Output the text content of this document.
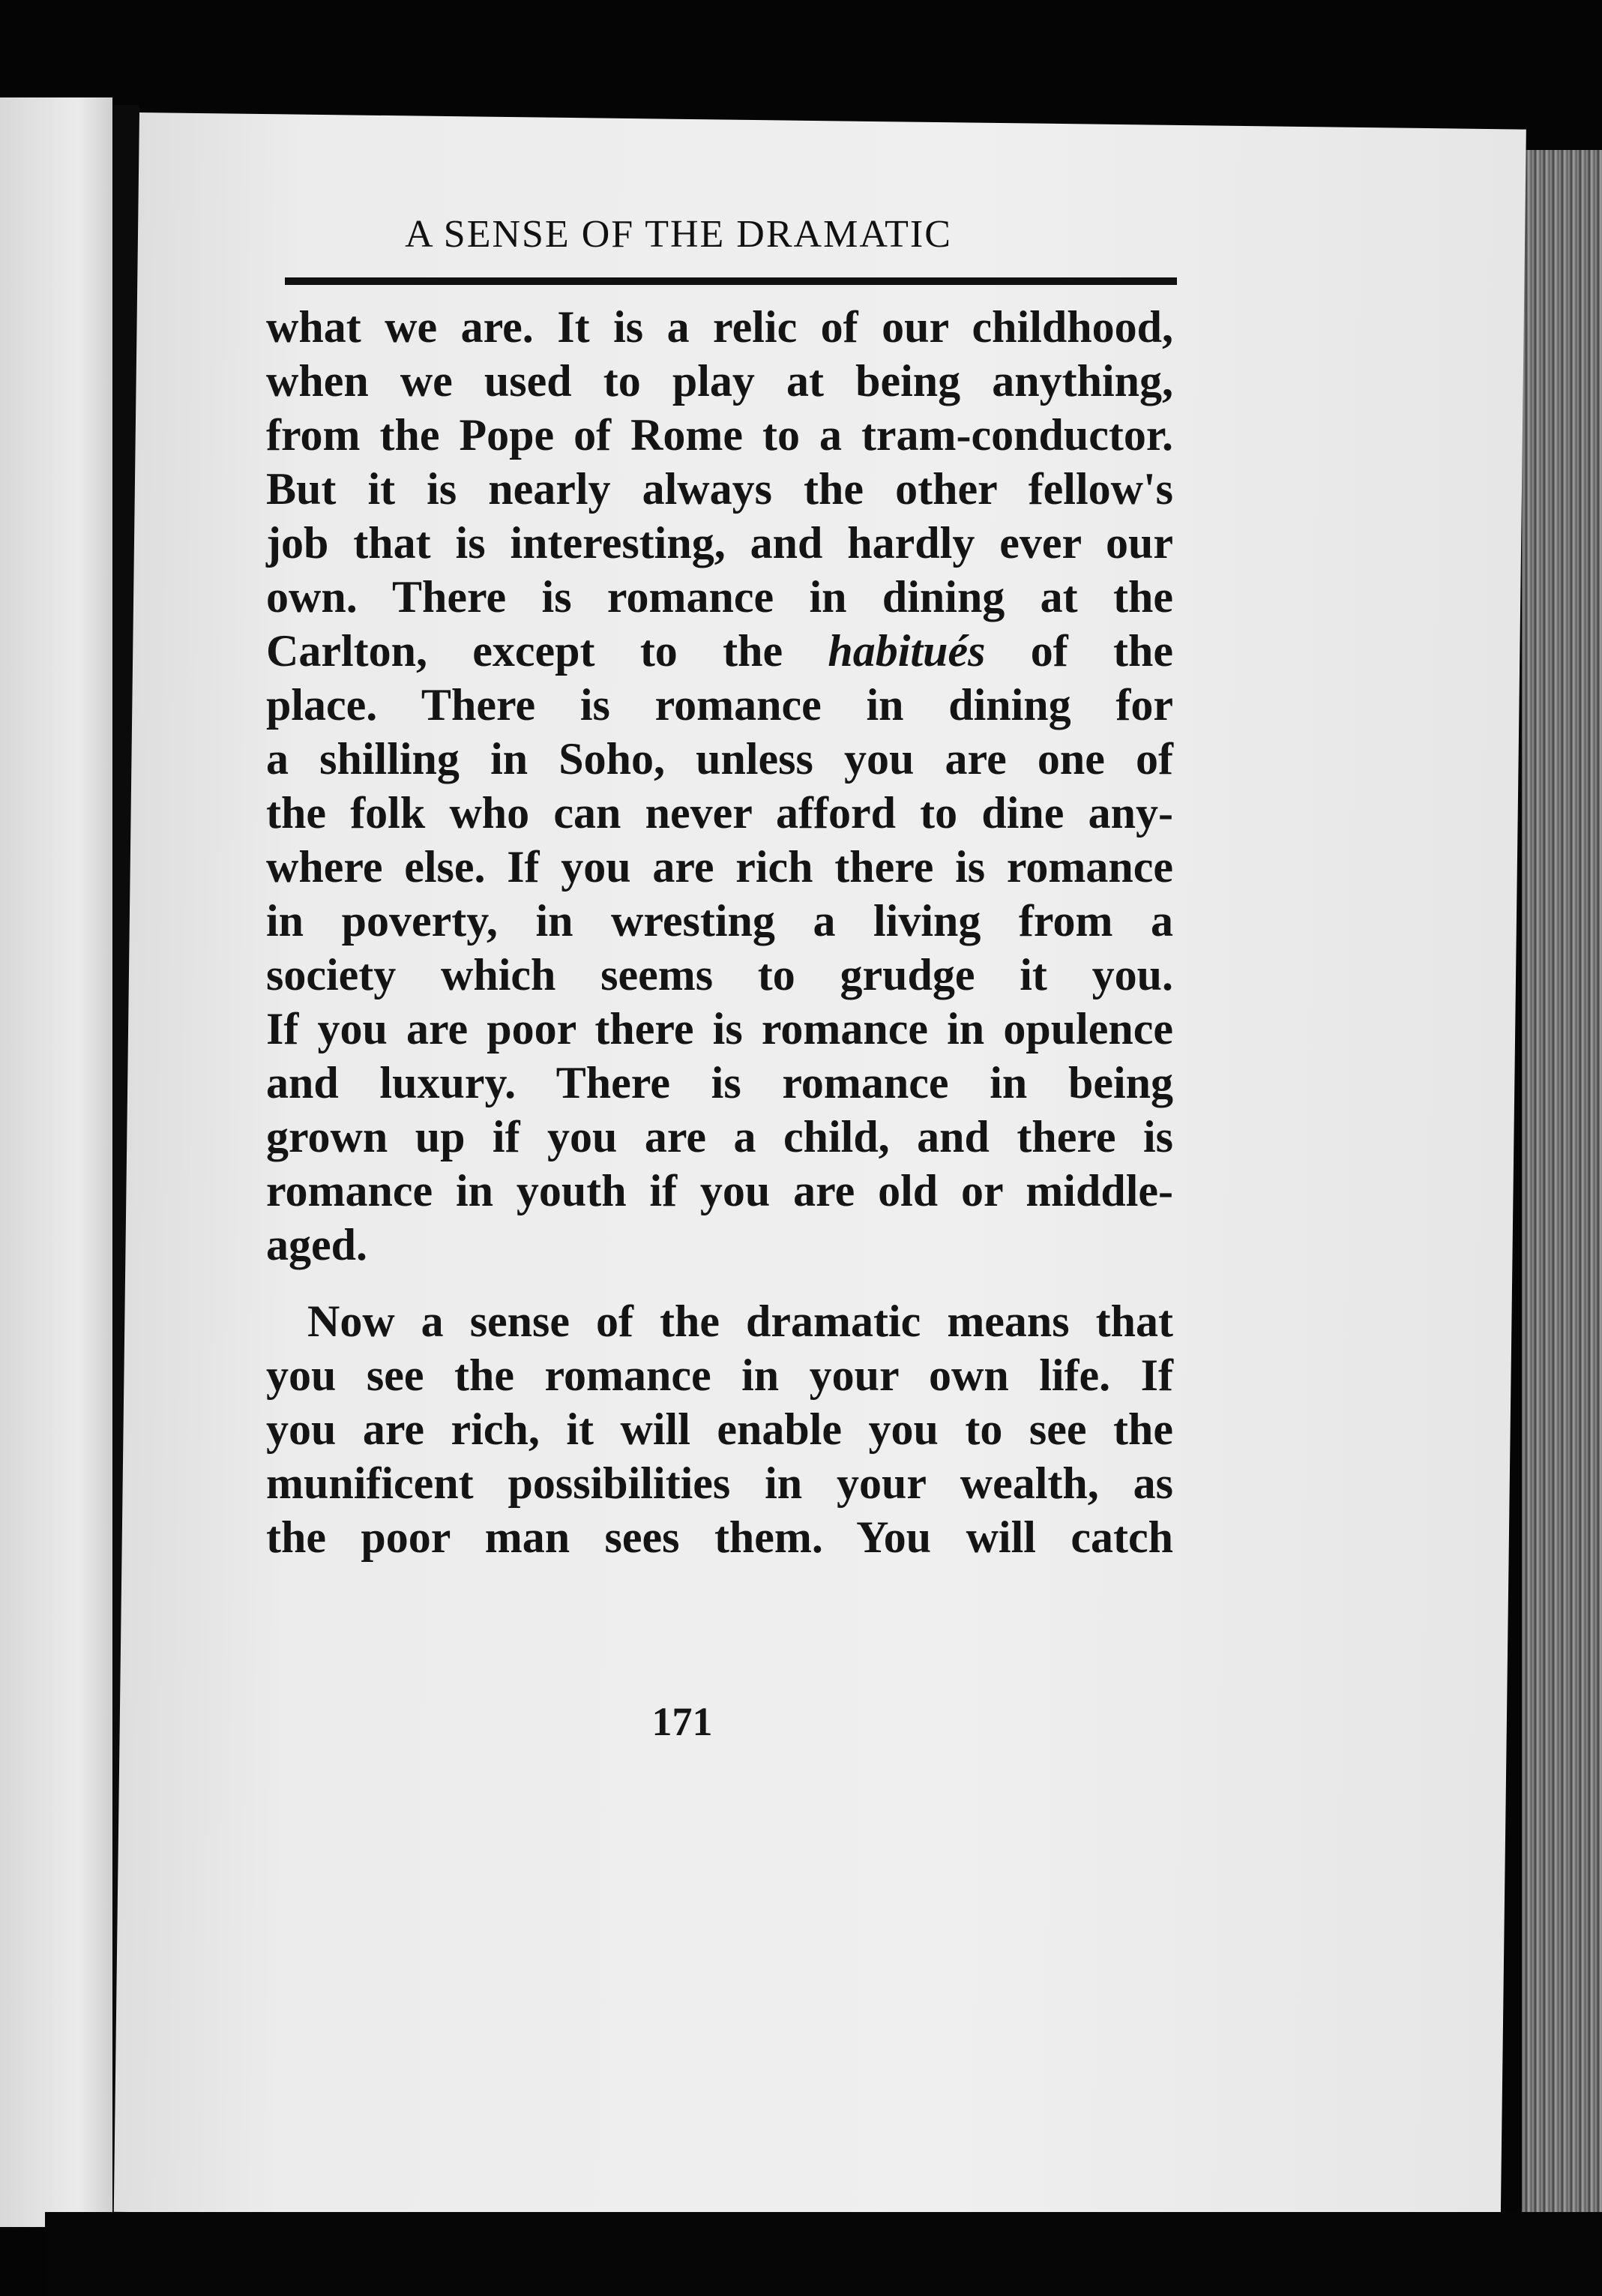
A SENSE OF THE DRAMATIC
what we are. It is a relic of our childhood,
when we used to play at being anything,
from the Pope of Rome to a tram-conductor.
But it is nearly always the other fellow's
job that is interesting, and hardly ever our
own. There is romance in dining at the
Carlton, except to the habitués of the
place. There is romance in dining for
a shilling in Soho, unless you are one of
the folk who can never afford to dine any-
where else. If you are rich there is romance
in poverty, in wresting a living from a
society which seems to grudge it you.
If you are poor there is romance in opulence
and luxury. There is romance in being
grown up if you are a child, and there is
romance in youth if you are old or middle-
aged.
Now a sense of the dramatic means that
you see the romance in your own life. If
you are rich, it will enable you to see the
munificent possibilities in your wealth, as
the poor man sees them. You will catch
171
